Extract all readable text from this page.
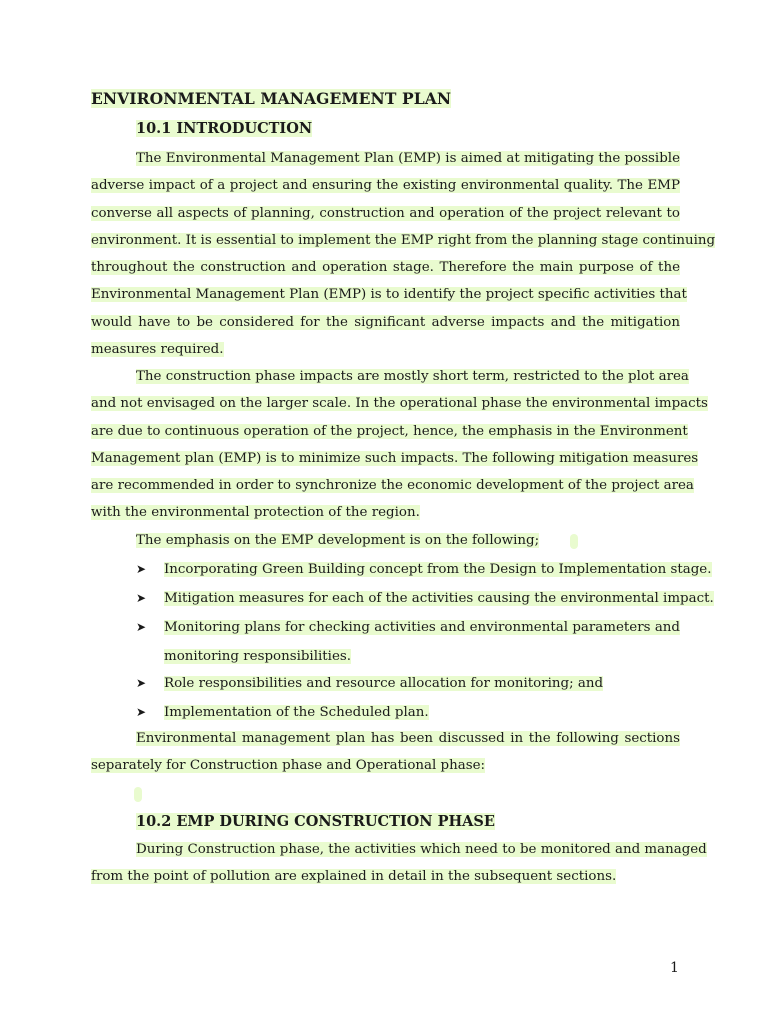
ENVIRONMENTAL MANAGEMENT PLAN
10.1 INTRODUCTION
The Environmental Management Plan (EMP) is aimed at mitigating the possible
adverse impact of a project and ensuring the existing environmental quality. The EMP
converse all aspects of planning, construction and operation of the project relevant to
environment. It is essential to implement the EMP right from the planning stage continuing
throughout the construction and operation stage. Therefore the main purpose of the
Environmental Management Plan (EMP) is to identify the project specific activities that
would have to be considered for the significant adverse impacts and the mitigation
measures required.
The construction phase impacts are mostly short term, restricted to the plot area
and not envisaged on the larger scale. In the operational phase the environmental impacts
are due to continuous operation of the project, hence, the emphasis in the Environment
Management plan (EMP) is to minimize such impacts. The following mitigation measures
are recommended in order to synchronize the economic development of the project area
with the environmental protection of the region.
The emphasis on the EMP development is on the following;
➤	Incorporating Green Building concept from the Design to Implementation stage.
➤	Mitigation measures for each of the activities causing the environmental impact.
➤	Monitoring plans for checking activities and environmental parameters and
monitoring responsibilities.
➤	Role responsibilities and resource allocation for monitoring; and
➤	Implementation of the Scheduled plan.
Environmental management plan has been discussed in the following sections
separately for Construction phase and Operational phase:
10.2 EMP DURING CONSTRUCTION PHASE
During Construction phase, the activities which need to be monitored and managed
from the point of pollution are explained in detail in the subsequent sections.
1
